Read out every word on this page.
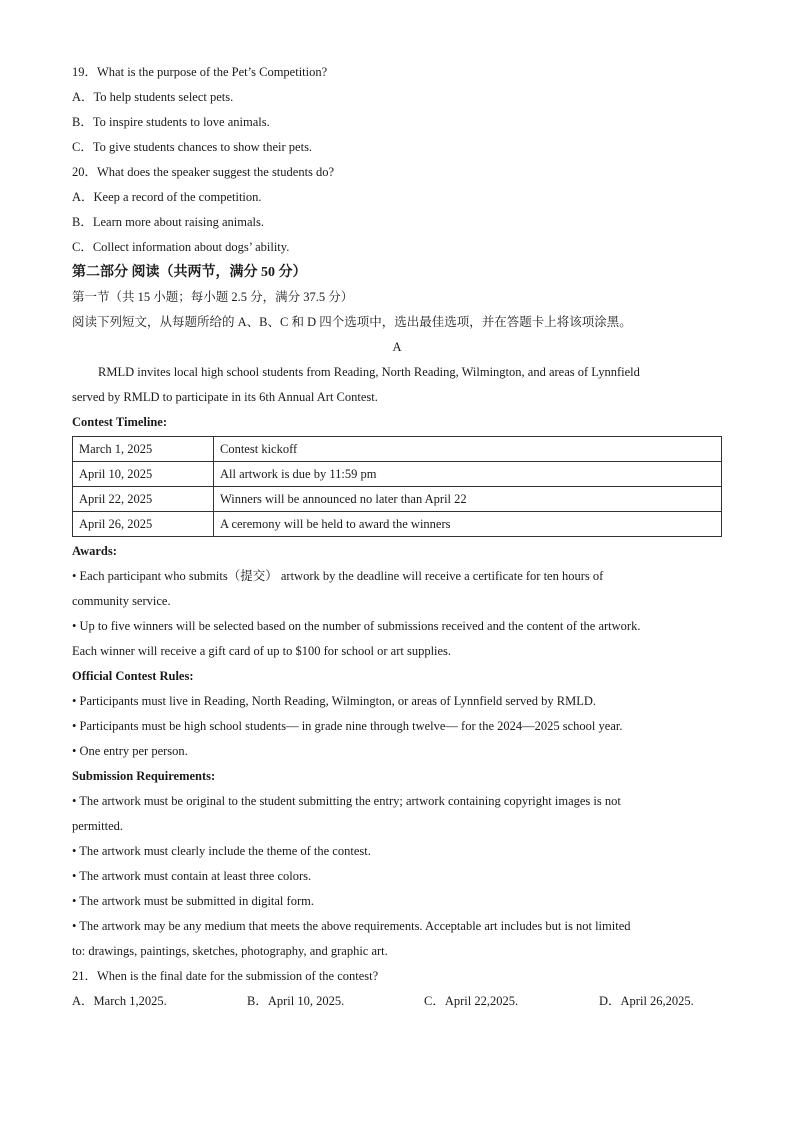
19．What is the purpose of the Pet’s Competition?
A．To help students select pets.
B．To inspire students to love animals.
C．To give students chances to show their pets.
20．What does the speaker suggest the students do?
A．Keep a record of the competition.
B．Learn more about raising animals.
C．Collect information about dogs’ ability.
第二部分 阅读（共两节，满分 50 分）
第一节（共 15 小题；每小题 2.5 分，满分 37.5 分）
阅读下列短文，从每题所给的 A、B、C 和 D 四个选项中，选出最佳选项，并在答题卡上将该项涂黑。
A
RMLD invites local high school students from Reading, North Reading, Wilmington, and areas of Lynnfield
served by RMLD to participate in its 6th Annual Art Contest.
Contest Timeline:
March 1, 2025	Contest kickoff
April 10, 2025	All artwork is due by 11:59 pm
April 22, 2025	Winners will be announced no later than April 22
April 26, 2025	A ceremony will be held to award the winners
Awards:
• Each participant who submits（提交） artwork by the deadline will receive a certificate for ten hours of
community service.
• Up to five winners will be selected based on the number of submissions received and the content of the artwork.
Each winner will receive a gift card of up to $100 for school or art supplies.
Official Contest Rules:
• Participants must live in Reading, North Reading, Wilmington, or areas of Lynnfield served by RMLD.
• Participants must be high school students— in grade nine through twelve— for the 2024—2025 school year.
• One entry per person.
Submission Requirements:
• The artwork must be original to the student submitting the entry; artwork containing copyright images is not
permitted.
• The artwork must clearly include the theme of the contest.
• The artwork must contain at least three colors.
• The artwork must be submitted in digital form.
• The artwork may be any medium that meets the above requirements. Acceptable art includes but is not limited
to: drawings, paintings, sketches, photography, and graphic art.
21．When is the final date for the submission of the contest?
A．March 1,2025.	B．April 10, 2025.	C．April 22,2025.	D．April 26,2025.
